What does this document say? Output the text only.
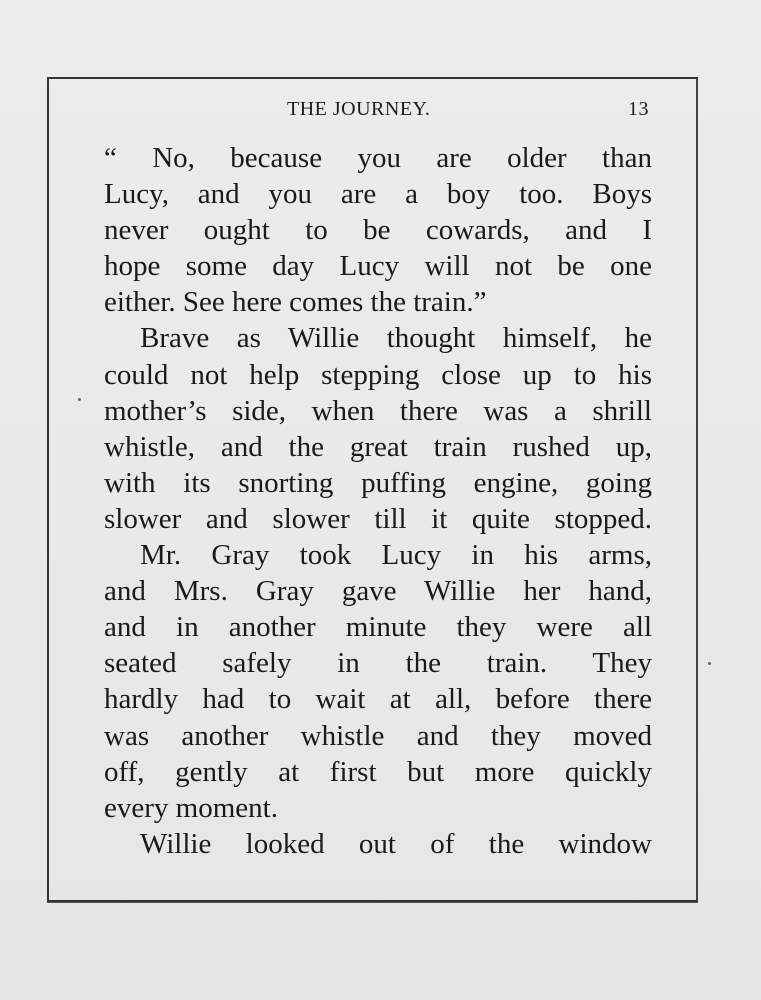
THE JOURNEY.	13
“ No, because you are older than
Lucy, and you are a boy too. Boys
never ought to be cowards, and I
hope some day Lucy will not be one
either. See here comes the train.”
Brave as Willie thought himself, he
could not help stepping close up to his
mother’s side, when there was a shrill
whistle, and the great train rushed up,
with its snorting puffing engine, going
slower and slower till it quite stopped.
Mr. Gray took Lucy in his arms,
and Mrs. Gray gave Willie her hand,
and in another minute they were all
seated safely in the train. They
hardly had to wait at all, before there
was another whistle and they moved
off, gently at first but more quickly
every moment.
Willie looked out of the window
